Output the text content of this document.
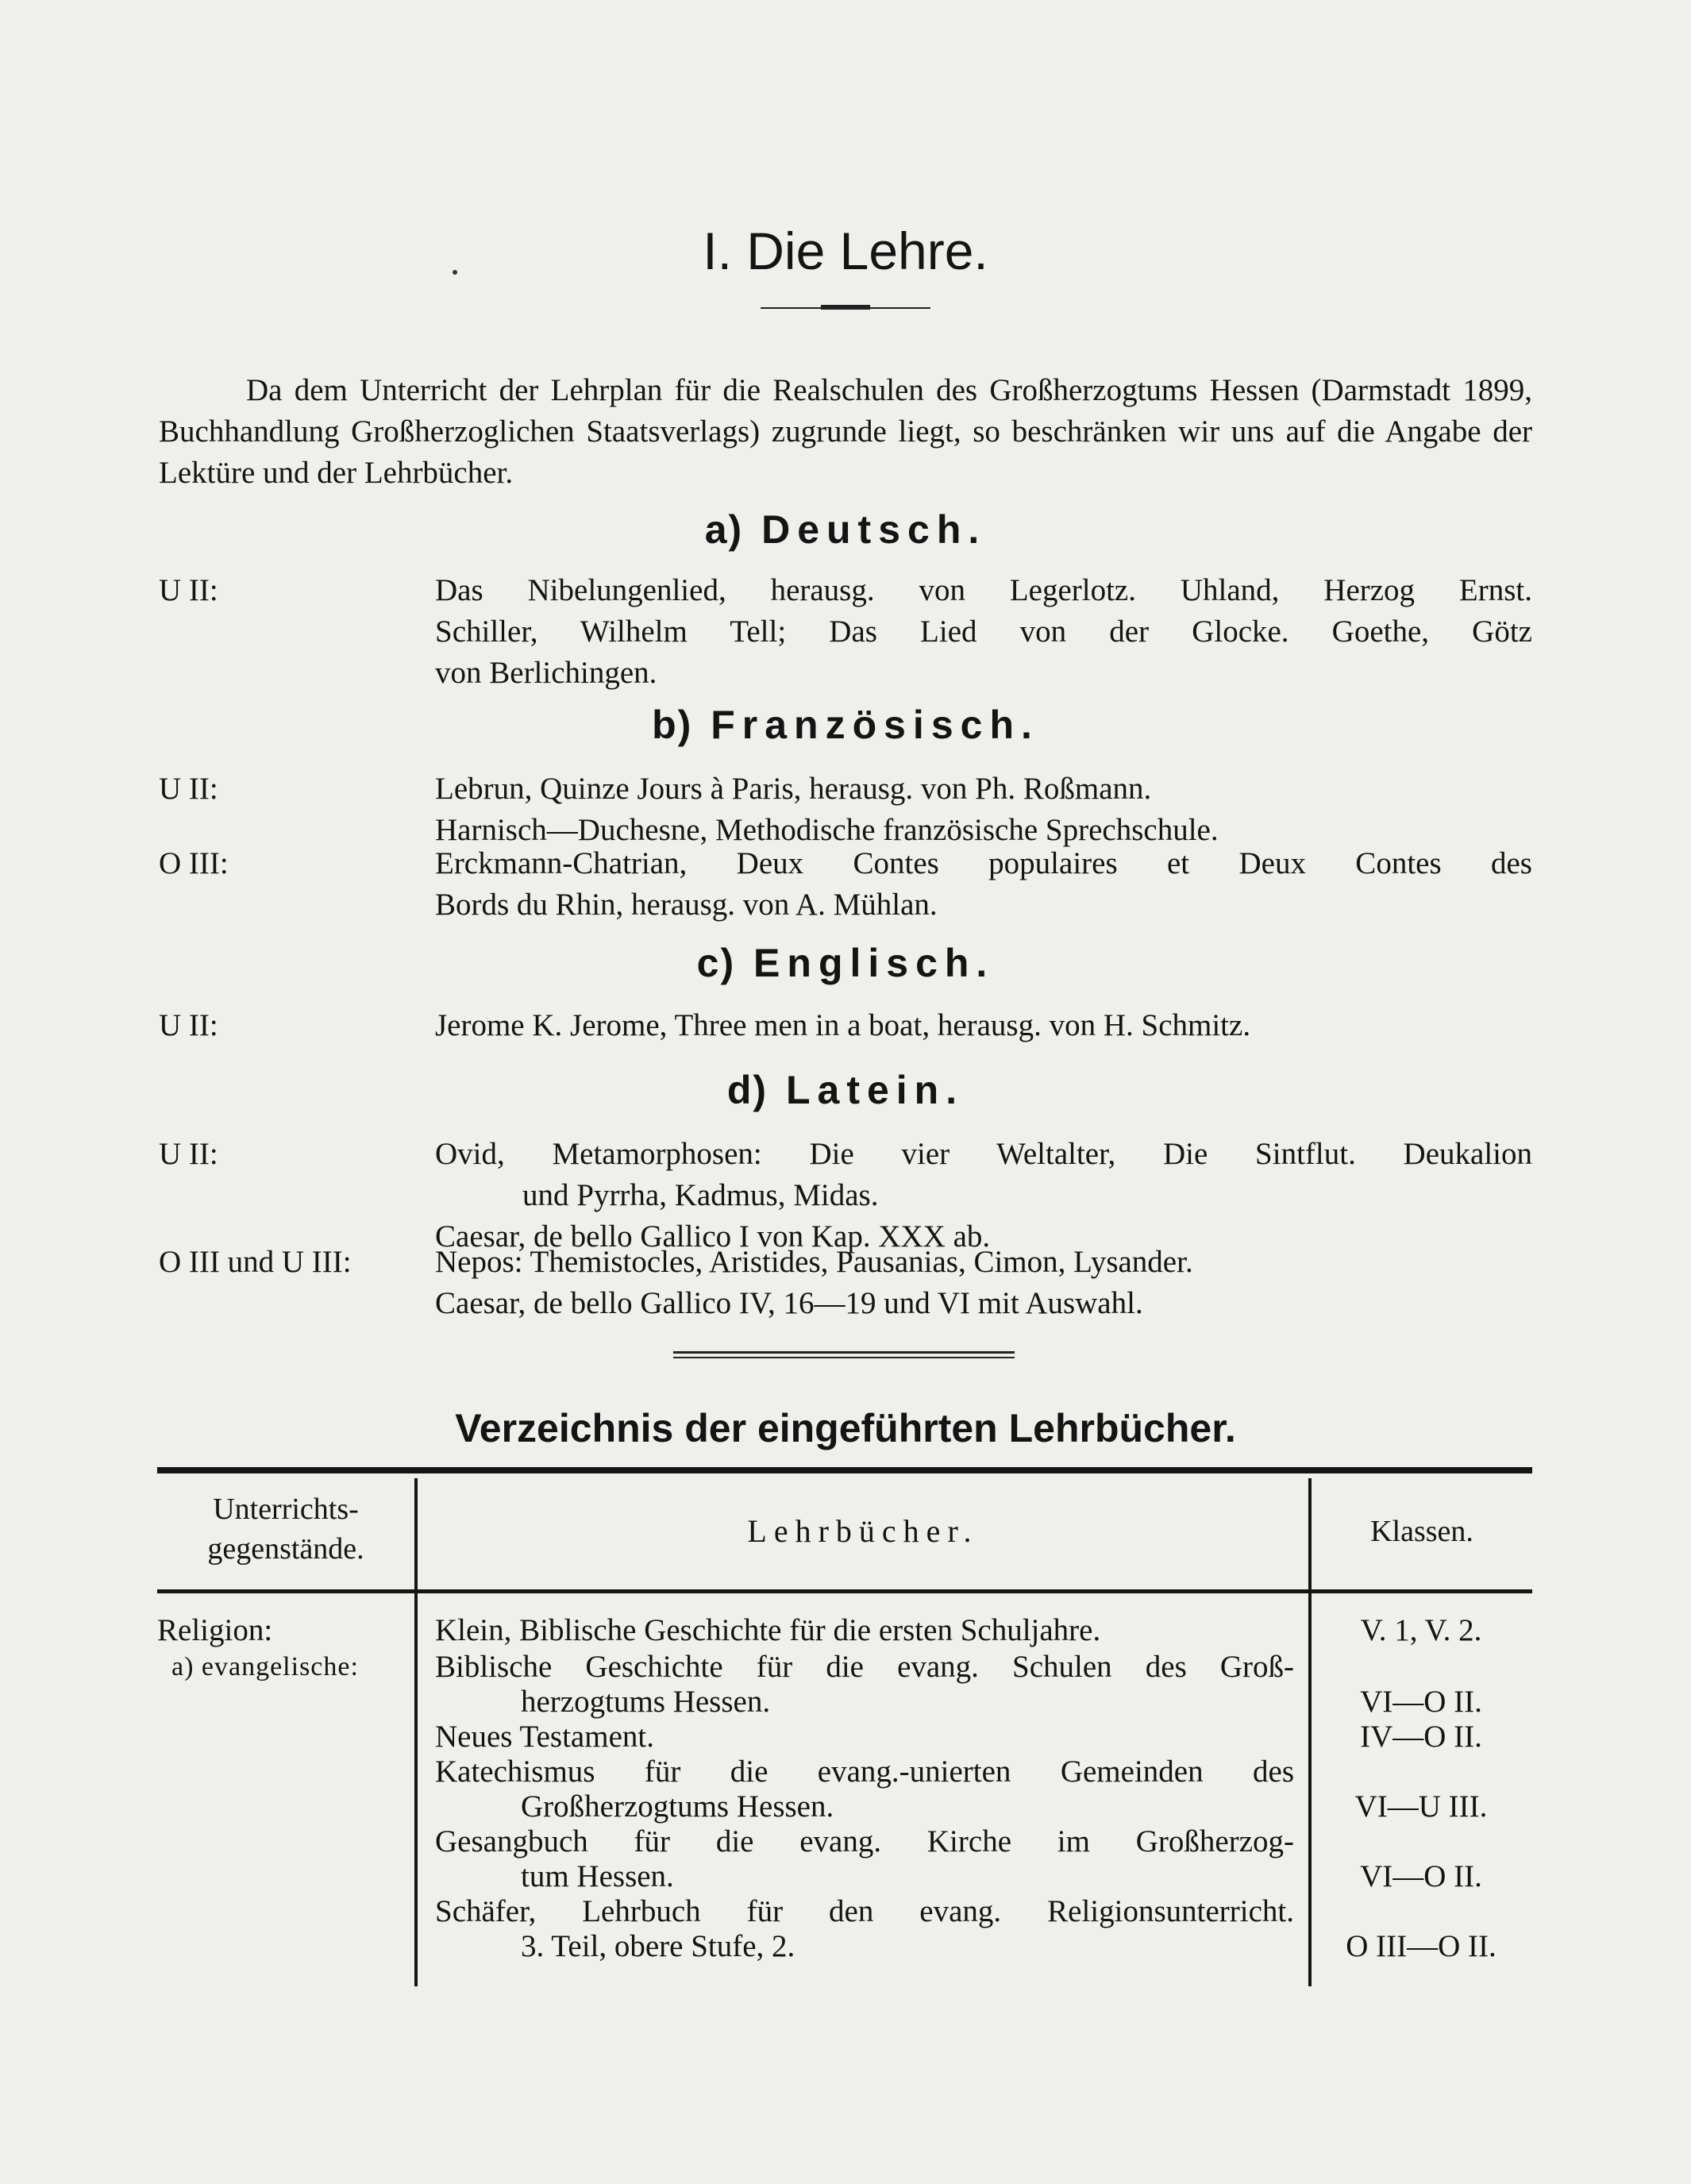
I. Die Lehre.
Da dem Unterricht der Lehrplan für die Realschulen des Großherzogtums Hessen (Darmstadt 1899, Buchhandlung Großherzoglichen Staatsverlags) zugrunde liegt, so beschränken wir uns auf die Angabe der Lektüre und der Lehrbücher.
a) Deutsch.
U II:	Das Nibelungenlied, herausg. von Legerlotz. Uhland, Herzog Ernst.
Schiller, Wilhelm Tell; Das Lied von der Glocke. Goethe, Götz
von Berlichingen.
b) Französisch.
U II:	Lebrun, Quinze Jours à Paris, herausg. von Ph. Roßmann.
Harnisch—Duchesne, Methodische französische Sprechschule.
O III:	Erckmann-Chatrian, Deux Contes populaires et Deux Contes des
Bords du Rhin, herausg. von A. Mühlan.
c) Englisch.
U II:	Jerome K. Jerome, Three men in a boat, herausg. von H. Schmitz.
d) Latein.
U II:	Ovid, Metamorphosen: Die vier Weltalter, Die Sintflut. Deukalion
und Pyrrha, Kadmus, Midas.
Caesar, de bello Gallico I von Kap. XXX ab.
O III und U III:	Nepos: Themistocles, Aristides, Pausanias, Cimon, Lysander.
Caesar, de bello Gallico IV, 16—19 und VI mit Auswahl.
Verzeichnis der eingeführten Lehrbücher.
Unterrichts-
gegenstände.	Lehrbücher.	Klassen.
Religion:	Klein, Biblische Geschichte für die ersten Schuljahre.	V. 1, V. 2.
a) evangelische:	Biblische Geschichte für die evang. Schulen des Groß-
herzogtums Hessen.	VI—O II.
Neues Testament.	IV—O II.
Katechismus für die evang.-unierten Gemeinden des
Großherzogtums Hessen.	VI—U III.
Gesangbuch für die evang. Kirche im Großherzog-
tum Hessen.	VI—O II.
Schäfer, Lehrbuch für den evang. Religionsunterricht.
3. Teil, obere Stufe, 2.	O III—O II.
